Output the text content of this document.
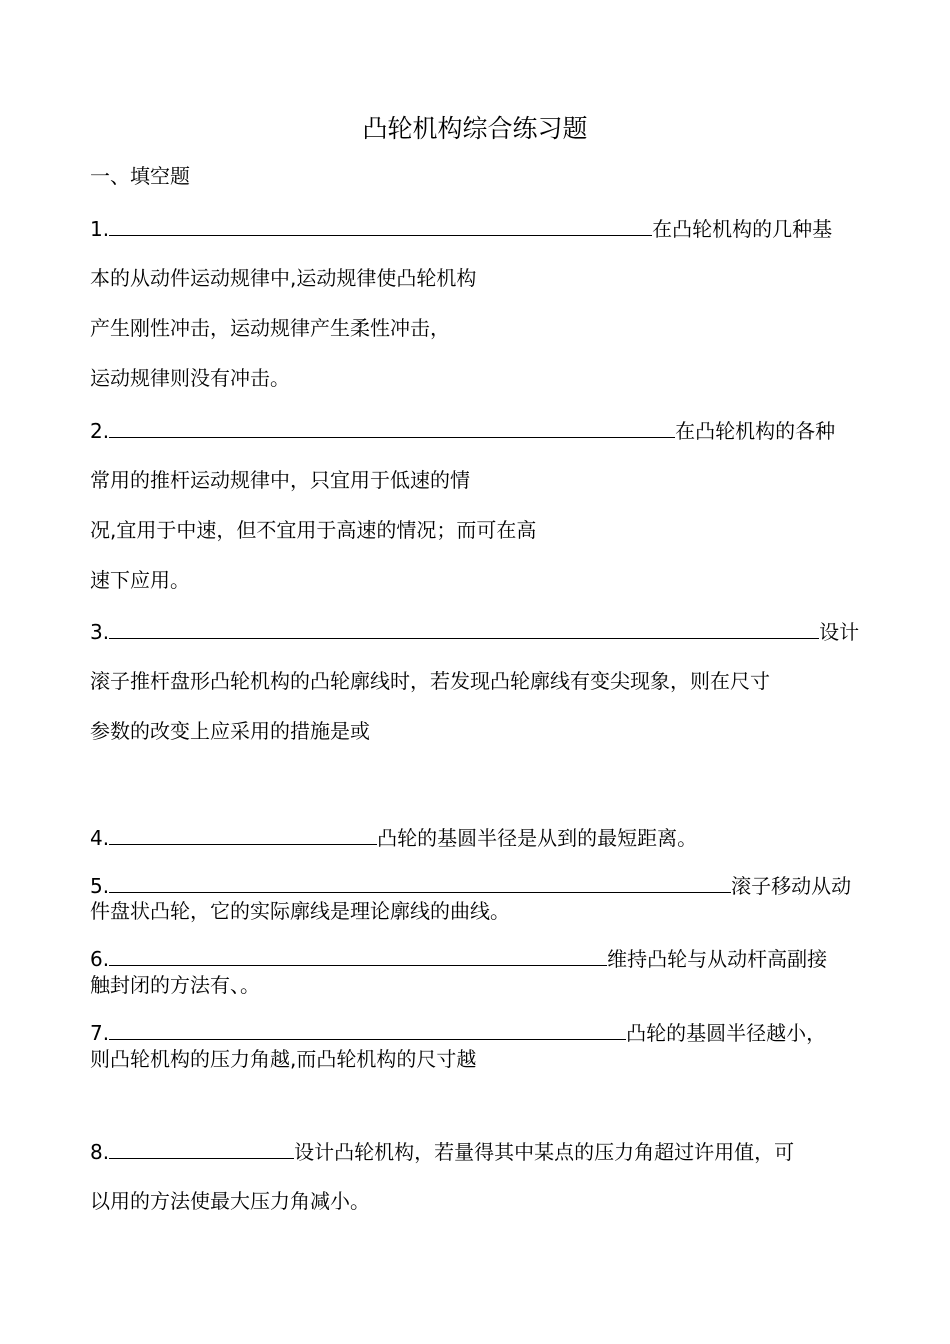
凸轮机构综合练习题
一、填空题
1.	在凸轮机构的几种基
本的从动件运动规律中,运动规律使凸轮机构
产生刚性冲击，运动规律产生柔性冲击，
运动规律则没有冲击。
2.	在凸轮机构的各种
常用的推杆运动规律中，只宜用于低速的情
况,宜用于中速，但不宜用于高速的情况；而可在高
速下应用。
3.	设计
滚子推杆盘形凸轮机构的凸轮廓线时，若发现凸轮廓线有变尖现象，则在尺寸
参数的改变上应采用的措施是或
4.	凸轮的基圆半径是从到的最短距离。
5.	滚子移动从动
件盘状凸轮，它的实际廓线是理论廓线的曲线。
6.	维持凸轮与从动杆高副接
触封闭的方法有、。
7.	凸轮的基圆半径越小，
则凸轮机构的压力角越,而凸轮机构的尺寸越
8.	设计凸轮机构，若量得其中某点的压力角超过许用值，可
以用的方法使最大压力角减小。
